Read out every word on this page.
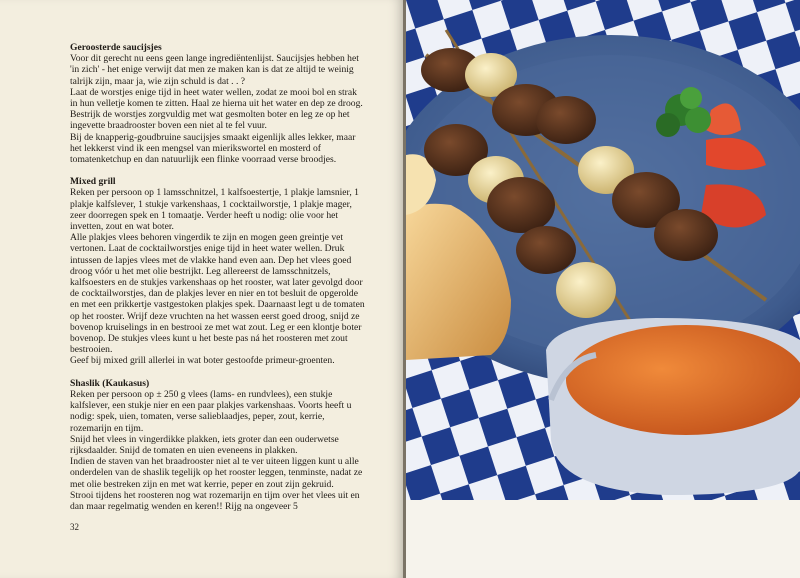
Geroosterde saucijsjes

Voor dit gerecht nu eens geen lange ingrediëntenlijst. Saucijsjes hebben het 'in zich' - het enige verwijt dat men ze maken kan is dat ze altijd te weinig talrijk zijn, maar ja, wie zijn schuld is dat . . ?

Laat de worstjes enige tijd in heet water wellen, zodat ze mooi bol en strak in hun velletje komen te zitten. Haal ze hierna uit het water en dep ze droog. Bestrijk de worstjes zorgvuldig met wat gesmolten boter en leg ze op het ingevette braadrooster boven een niet al te fel vuur.

Bij de knapperig-goudbruine saucijsjes smaakt eigenlijk alles lekker, maar het lekkerst vind ik een mengsel van mierikswortel en mosterd of tomatenketchup en dan natuurlijk een flinke voorraad verse broodjes.

Mixed grill

Reken per persoon op 1 lamsschnitzel, 1 kalfsoestertje, 1 plakje lamsnier, 1 plakje kalfslever, 1 stukje varkenshaas, 1 cocktailworstje, 1 plakje mager, zeer doorregen spek en 1 tomaatje. Verder heeft u nodig: olie voor het invetten, zout en wat boter.

Alle plakjes vlees behoren vingerdik te zijn en mogen geen greintje vet vertonen. Laat de cocktailworstjes enige tijd in heet water wellen. Druk intussen de lapjes vlees met de vlakke hand even aan. Dep het vlees goed droog vóór u het met olie bestrijkt. Leg allereerst de lamsschnitzels, kalfsoesters en de stukjes varkenshaas op het rooster, wat later gevolgd door de cocktailworstjes, dan de plakjes lever en nier en tot besluit de opgerolde en met een prikkertje vastgestoken plakjes spek. Daarnaast legt u de tomaten op het rooster. Wrijf deze vruchten na het wassen eerst goed droog, snijd ze bovenop kruiselings in en bestrooi ze met wat zout. Leg er een klontje boter bovenop. De stukjes vlees kunt u het beste pas ná het roosteren met zout bestrooien.

Geef bij mixed grill allerlei in wat boter gestoofde primeur-groenten.

Shaslik (Kaukasus)

Reken per persoon op ± 250 g vlees (lams- en rundvlees), een stukje kalfslever, een stukje nier en een paar plakjes varkenshaas. Voorts heeft u nodig: spek, uien, tomaten, verse salieblaadjes, peper, zout, kerrie, rozemarijn en tijm.

Snijd het vlees in vingerdikke plakken, iets groter dan een ouderwetse rijksdaalder. Snijd de tomaten en uien eveneens in plakken.

Indien de staven van het braadrooster niet al te ver uiteen liggen kunt u alle onderdelen van de shaslik tegelijk op het rooster leggen, tenminste, nadat ze met olie bestreken zijn en met wat kerrie, peper en zout zijn gekruid.

Strooi tijdens het roosteren nog wat rozemarijn en tijm over het vlees uit en dan maar regelmatig wenden en keren!! Rijg na ongeveer 5

32
